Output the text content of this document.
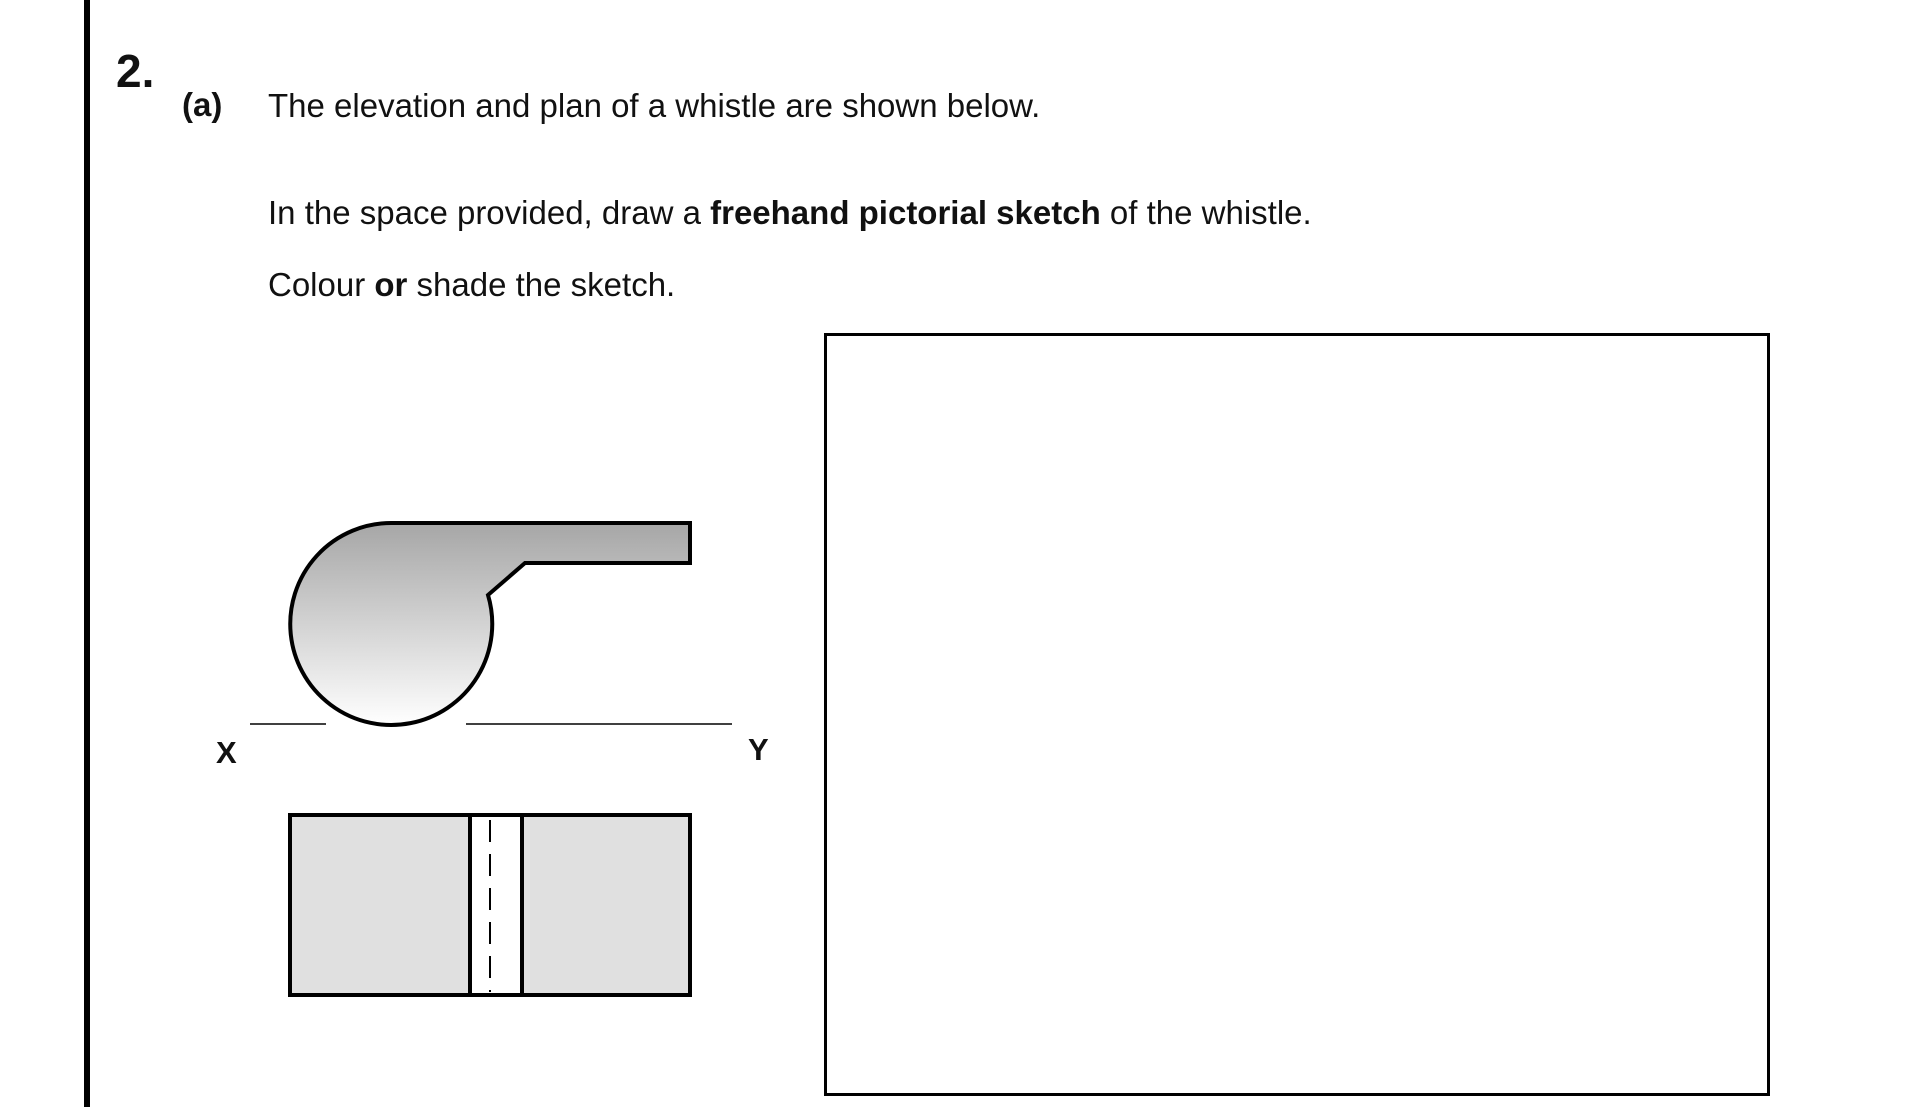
2.
(a) The elevation and plan of a whistle are shown below.
In the space provided, draw a freehand pictorial sketch of the whistle.
Colour or shade the sketch.
X	Y
